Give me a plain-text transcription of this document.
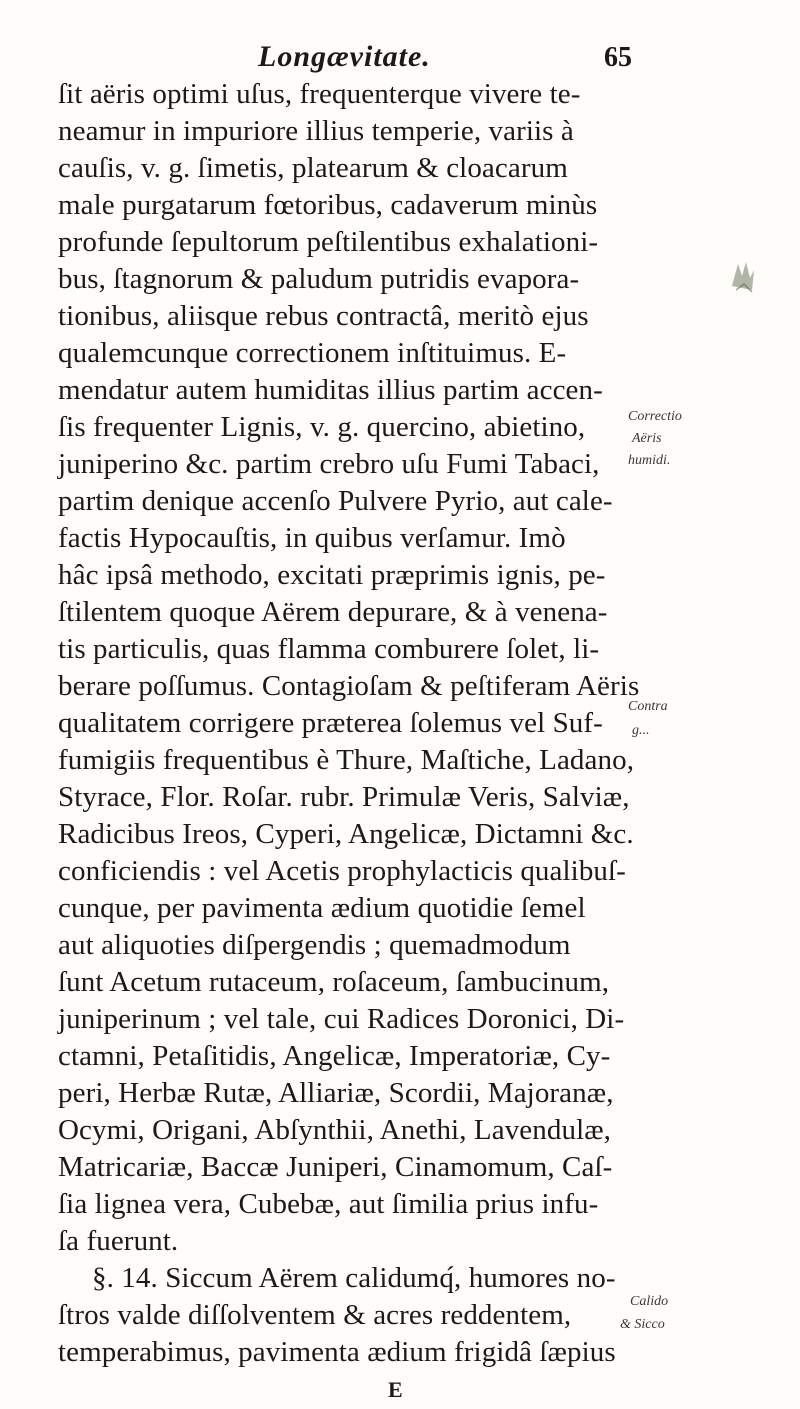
Longævitate.	65
ſit aëris optimi uſus, frequenterque vivere te-
neamur in impuriore illius temperie, variis à
cauſis, v. g. ſimetis, platearum & cloacarum
male purgatarum fœtoribus, cadaverum minùs
profunde ſepultorum peſtilentibus exhalationi-
bus, ſtagnorum & paludum putridis evapora-
tionibus, aliisque rebus contractâ, meritò ejus
qualemcunque correctionem inſtituimus. E-
mendatur autem humiditas illius partim accen-
ſis frequenter Lignis, v. g. quercino, abietino,
juniperino &c. partim crebro uſu Fumi Tabaci,
partim denique accenſo Pulvere Pyrio, aut cale-
factis Hypocauſtis, in quibus verſamur. Imò
hâc ipsâ methodo, excitati præprimis ignis, pe-
ſtilentem quoque Aërem depurare, & à venena-
tis particulis, quas flamma comburere ſolet, li-
berare poſſumus. Contagioſam & peſtiferam Aëris
qualitatem corrigere præterea ſolemus vel Suf-
fumigiis frequentibus è Thure, Maſtiche, Ladano,
Styrace, Flor. Roſar. rubr. Primulæ Veris, Salviæ,
Radicibus Ireos, Cyperi, Angelicæ, Dictamni &c.
conficiendis : vel Acetis prophylacticis qualibuſ-
cunque, per pavimenta ædium quotidie ſemel
aut aliquoties diſpergendis ; quemadmodum
ſunt Acetum rutaceum, roſaceum, ſambucinum,
juniperinum ; vel tale, cui Radices Doronici, Di-
ctamni, Petaſitidis, Angelicæ, Imperatoriæ, Cy-
peri, Herbæ Rutæ, Alliariæ, Scordii, Majoranæ,
Ocymi, Origani, Abſynthii, Anethi, Lavendulæ,
Matricariæ, Baccæ Juniperi, Cinamomum, Caſ-
ſia lignea vera, Cubebæ, aut ſimilia prius infu-
ſa fuerunt.
§. 14. Siccum Aërem calidumq́, humores no-
ſtros valde diſſolventem & acres reddentem,
temperabimus, pavimenta ædium frigidâ ſæpius
E
Correctio
Aëris
humidi.
Contra
g...
Calido
& Sicco
